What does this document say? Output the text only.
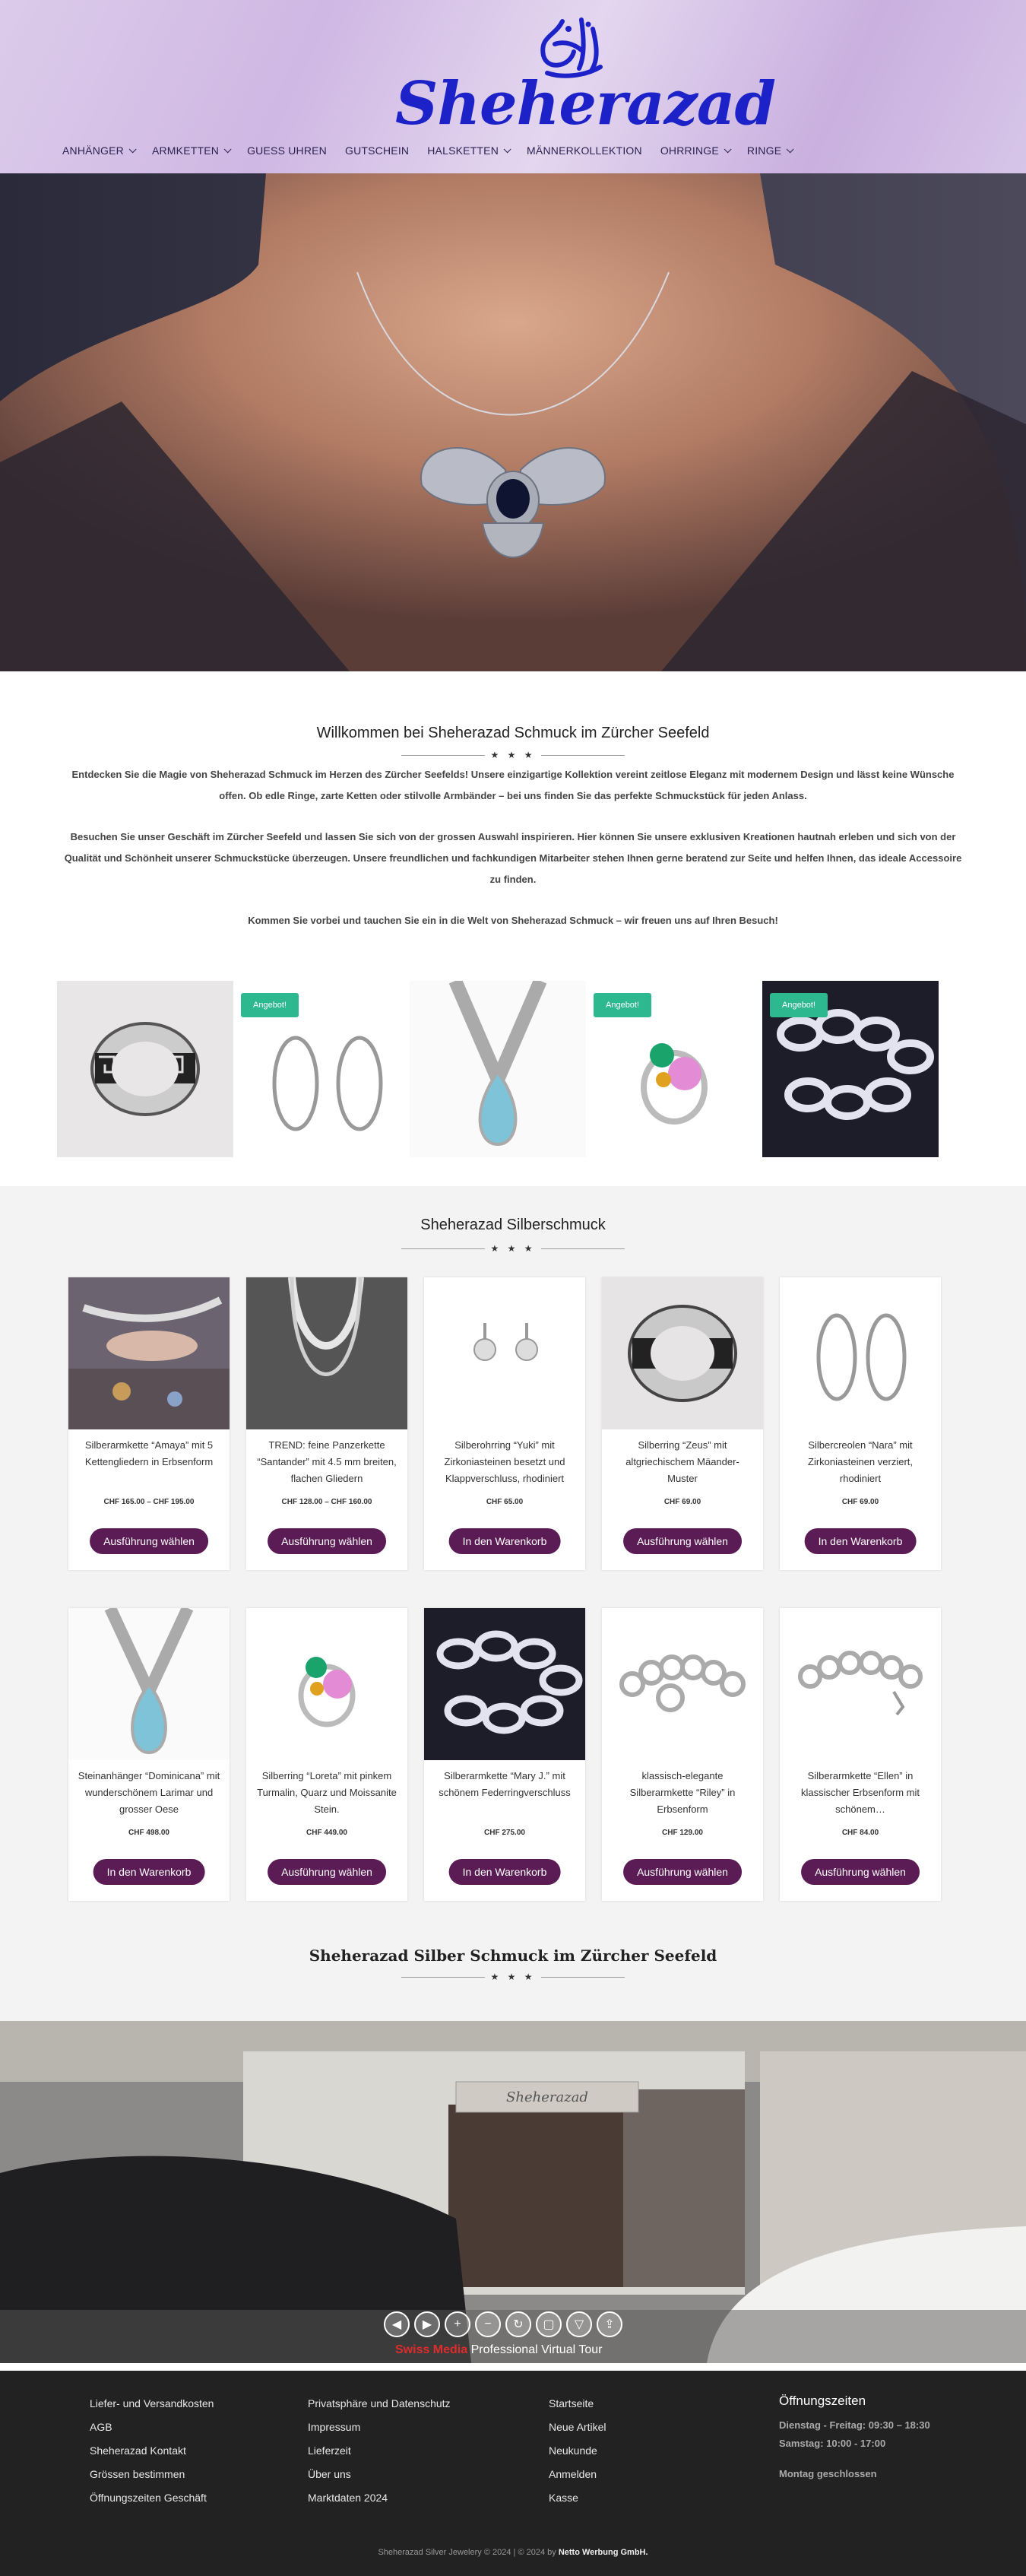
Sheherazad
ANHÄNGER	ARMKETTEN	GUESS UHREN GUTSCHEIN HALSKETTEN	MÄNNERKOLLEKTION OHRRINGE	RINGE
Willkommen bei Sheherazad Schmuck im Zürcher Seefeld
★ ★ ★

Entdecken Sie die Magie von Sheherazad Schmuck im Herzen des Zürcher Seefelds! Unsere einzigartige Kollektion vereint zeitlose Eleganz mit modernem Design und lässt keine Wünsche offen. Ob edle Ringe, zarte Ketten oder stilvolle Armbänder – bei uns finden Sie das perfekte Schmuckstück für jeden Anlass.

Besuchen Sie unser Geschäft im Zürcher Seefeld und lassen Sie sich von der grossen Auswahl inspirieren. Hier können Sie unsere exklusiven Kreationen hautnah erleben und sich von der Qualität und Schönheit unserer Schmuckstücke überzeugen. Unsere freundlichen und fachkundigen Mitarbeiter stehen Ihnen gerne beratend zur Seite und helfen Ihnen, das ideale Accessoire zu finden.

Kommen Sie vorbei und tauchen Sie ein in die Welt von Sheherazad Schmuck – wir freuen uns auf Ihren Besuch!

Angebot!	Angebot!	Angebot!
Sheherazad Silberschmuck
★ ★ ★
Silberarmkette “Amaya” mit 5 Kettengliedern in Erbsenform
CHF 165.00 – CHF 195.00
Ausführung wählen
TREND: feine Panzerkette “Santander” mit 4.5 mm breiten, flachen Gliedern
CHF 128.00 – CHF 160.00
Ausführung wählen
Silberohrring “Yuki” mit Zirkoniasteinen besetzt und Klappverschluss, rhodiniert
CHF 65.00
In den Warenkorb
Silberring “Zeus” mit altgriechischem Mäander-Muster
CHF 69.00
Ausführung wählen
Silbercreolen “Nara” mit Zirkoniasteinen verziert, rhodiniert
CHF 69.00
In den Warenkorb
Steinanhänger “Dominicana” mit wunderschönem Larimar und grosser Oese
CHF 498.00
In den Warenkorb
Silberring “Loreta” mit pinkem Turmalin, Quarz und Moissanite Stein.
CHF 449.00
Ausführung wählen
Silberarmkette “Mary J.” mit schönem Federringverschluss
CHF 275.00
In den Warenkorb
klassisch-elegante Silberarmkette “Riley” in Erbsenform
CHF 129.00
Ausführung wählen
Silberarmkette “Ellen” in klassischer Erbsenform mit schönem…
CHF 84.00
Ausführung wählen
Sheherazad Silber Schmuck im Zürcher Seefeld
★ ★ ★
Sheherazad
◀	▶	+	−	↻	▢	▽	⇪
Swiss Media Professional Virtual Tour
Liefer- und Versandkosten
AGB
Sheherazad Kontakt
Grössen bestimmen
Öffnungszeiten Geschäft
Privatsphäre und Datenschutz
Impressum
Lieferzeit
Über uns
Marktdaten 2024
Startseite
Neue Artikel
Neukunde
Anmelden
Kasse
Öffnungszeiten
Dienstag - Freitag: 09:30 – 18:30
Samstag: 10:00 - 17:00
Montag geschlossen
Sheherazad Silver Jewelery © 2024 | © 2024 by Netto Werbung GmbH.
